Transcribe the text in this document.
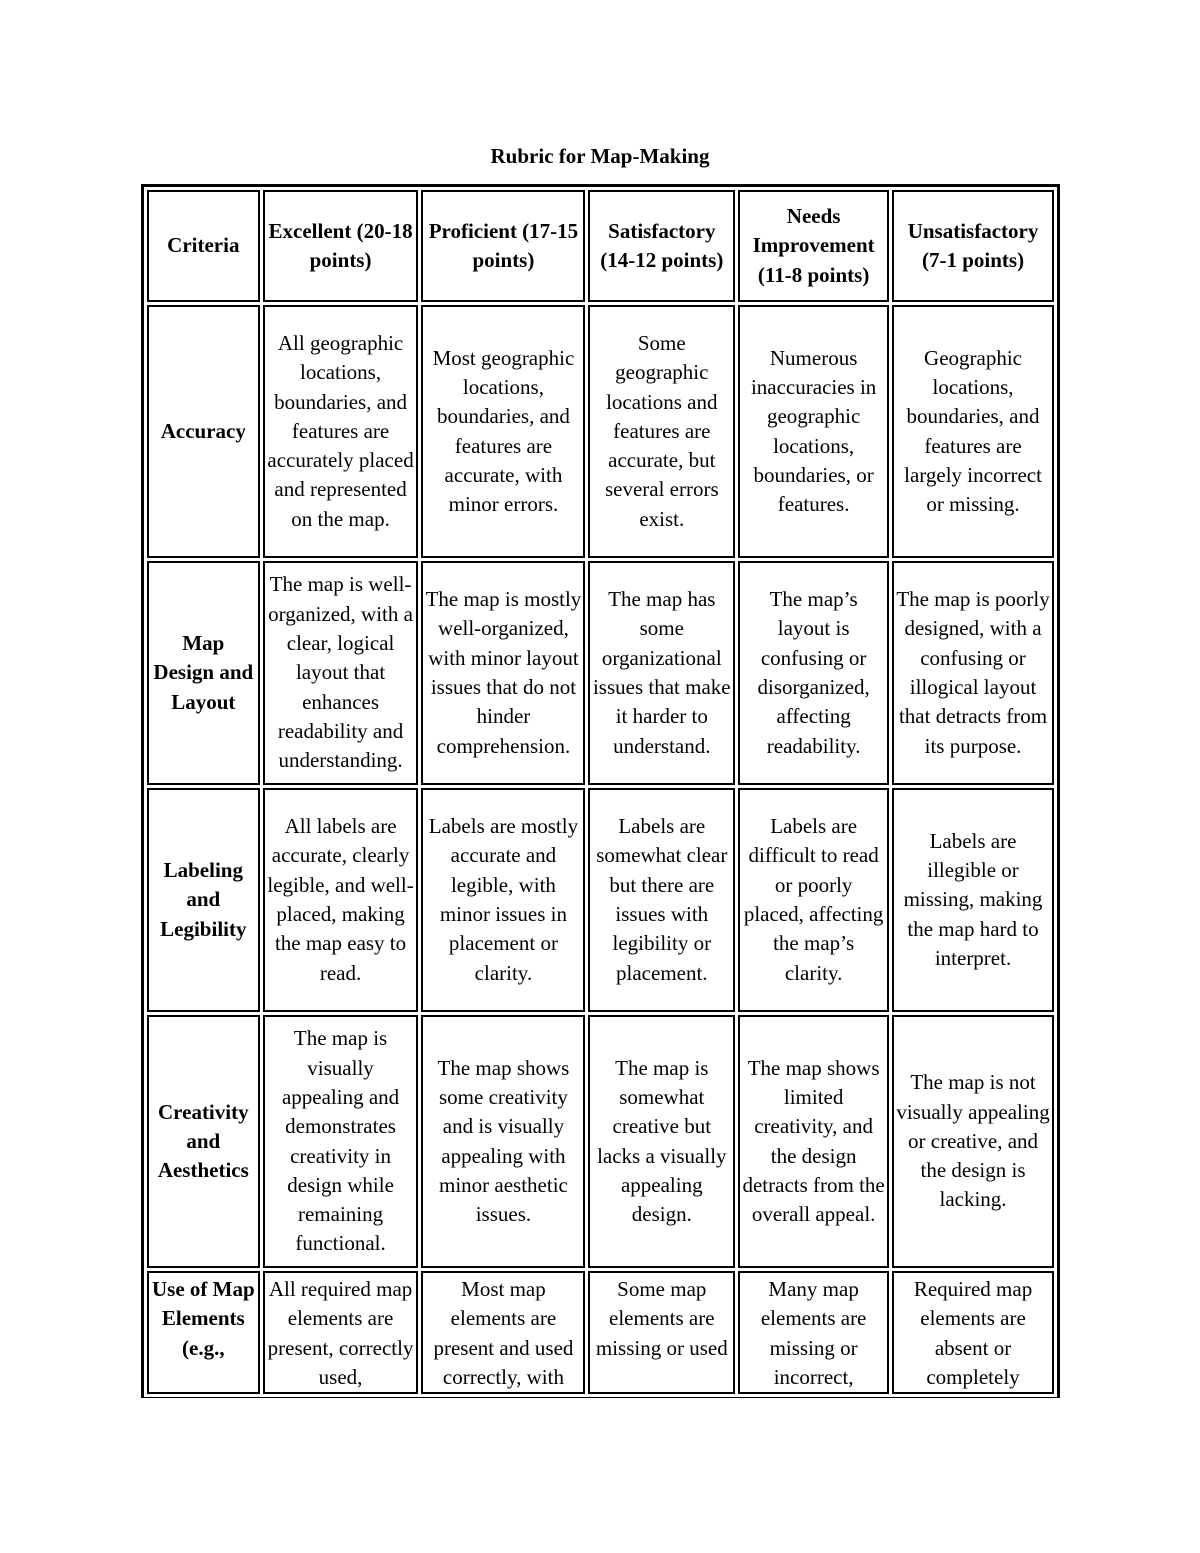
Rubric for Map-Making
Criteria	Excellent (20-18 points)	Proficient (17-15 points)	Satisfactory (14-12 points)	Needs Improvement (11-8 points)	Unsatisfactory (7-1 points)
Accuracy	All geographic locations, boundaries, and features are accurately placed and represented on the map.	Most geographic locations, boundaries, and features are accurate, with minor errors.	Some geographic locations and features are accurate, but several errors exist.	Numerous inaccuracies in geographic locations, boundaries, or features.	Geographic locations, boundaries, and features are largely incorrect or missing.
Map Design and Layout	The map is well-organized, with a clear, logical layout that enhances readability and understanding.	The map is mostly well-organized, with minor layout issues that do not hinder comprehension.	The map has some organizational issues that make it harder to understand.	The map’s layout is confusing or disorganized, affecting readability.	The map is poorly designed, with a confusing or illogical layout that detracts from its purpose.
Labeling and Legibility	All labels are accurate, clearly legible, and well-placed, making the map easy to read.	Labels are mostly accurate and legible, with minor issues in placement or clarity.	Labels are somewhat clear but there are issues with legibility or placement.	Labels are difficult to read or poorly placed, affecting the map’s clarity.	Labels are illegible or missing, making the map hard to interpret.
Creativity and Aesthetics	The map is visually appealing and demonstrates creativity in design while remaining functional.	The map shows some creativity and is visually appealing with minor aesthetic issues.	The map is somewhat creative but lacks a visually appealing design.	The map shows limited creativity, and the design detracts from the overall appeal.	The map is not visually appealing or creative, and the design is lacking.
Use of Map Elements (e.g.,	All required map elements are present, correctly used,	Most map elements are present and used correctly, with	Some map elements are missing or used	Many map elements are missing or incorrect,	Required map elements are absent or completely
